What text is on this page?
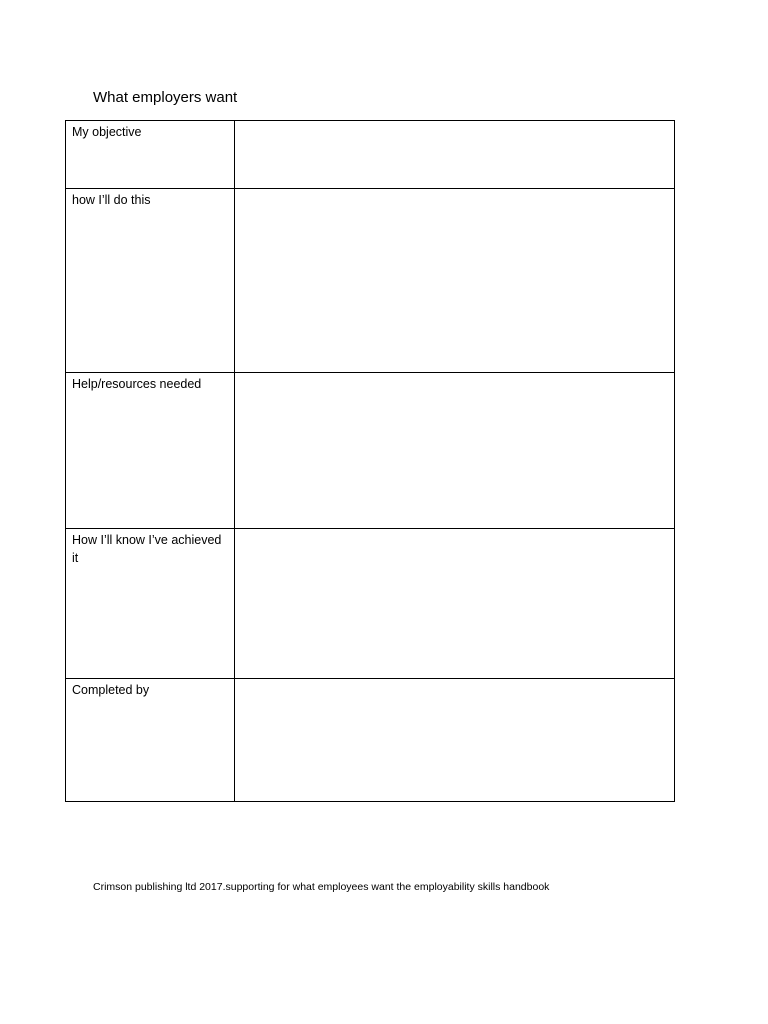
What employers want
My objective	
how I’ll do this	
Help/resources needed	
How I’ll know I’ve achieved it	
Completed by	

Crimson publishing ltd 2017.supporting for what employees want the employability skills handbook
